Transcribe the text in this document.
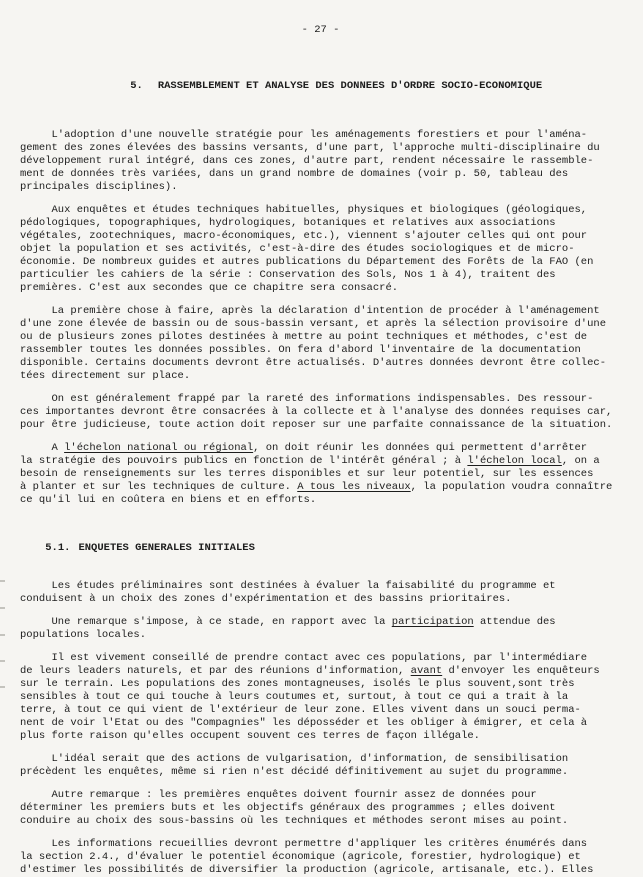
- 27 -

5. RASSEMBLEMENT ET ANALYSE DES DONNEES D'ORDRE SOCIO-ECONOMIQUE

L'adoption d'une nouvelle stratégie pour les aménagements forestiers et pour l'aména-
gement des zones élevées des bassins versants, d'une part, l'approche multi-disciplinaire du
développement rural intégré, dans ces zones, d'autre part, rendent nécessaire le rassemble-
ment de données très variées, dans un grand nombre de domaines (voir p. 50, tableau des
principales disciplines).
Aux enquêtes et études techniques habituelles, physiques et biologiques (géologiques,
pédologiques, topographiques, hydrologiques, botaniques et relatives aux associations
végétales, zootechniques, macro-économiques, etc.), viennent s'ajouter celles qui ont pour
objet la population et ses activités, c'est-à-dire des études sociologiques et de micro-
économie. De nombreux guides et autres publications du Département des Forêts de la FAO (en
particulier les cahiers de la série : Conservation des Sols, Nos 1 à 4), traitent des
premières. C'est aux secondes que ce chapitre sera consacré.
La première chose à faire, après la déclaration d'intention de procéder à l'aménagement
d'une zone élevée de bassin ou de sous-bassin versant, et après la sélection provisoire d'une
ou de plusieurs zones pilotes destinées à mettre au point techniques et méthodes, c'est de
rassembler toutes les données possibles. On fera d'abord l'inventaire de la documentation
disponible. Certains documents devront être actualisés. D'autres données devront être collec-
tées directement sur place.
On est généralement frappé par la rareté des informations indispensables. Des ressour-
ces importantes devront être consacrées à la collecte et à l'analyse des données requises car,
pour être judicieuse, toute action doit reposer sur une parfaite connaissance de la situation.
A l'échelon national ou régional, on doit réunir les données qui permettent d'arrêter
la stratégie des pouvoirs publics en fonction de l'intérêt général ; à l'échelon local, on a
besoin de renseignements sur les terres disponibles et sur leur potentiel, sur les essences
à planter et sur les techniques de culture. A tous les niveaux, la population voudra connaître
ce qu'il lui en coûtera en biens et en efforts.

5.1. ENQUETES GENERALES INITIALES

Les études préliminaires sont destinées à évaluer la faisabilité du programme et
conduisent à un choix des zones d'expérimentation et des bassins prioritaires.
Une remarque s'impose, à ce stade, en rapport avec la participation attendue des
populations locales.
Il est vivement conseillé de prendre contact avec ces populations, par l'intermédiare
de leurs leaders naturels, et par des réunions d'information, avant d'envoyer les enquêteurs
sur le terrain. Les populations des zones montagneuses, isolés le plus souvent,sont très
sensibles à tout ce qui touche à leurs coutumes et, surtout, à tout ce qui a trait à la
terre, à tout ce qui vient de l'extérieur de leur zone. Elles vivent dans un souci perma-
nent de voir l'Etat ou des "Compagnies" les déposséder et les obliger à émigrer, et cela à
plus forte raison qu'elles occupent souvent ces terres de façon illégale.
L'idéal serait que des actions de vulgarisation, d'information, de sensibilisation
précèdent les enquêtes, même si rien n'est décidé définitivement au sujet du programme.
Autre remarque : les premières enquêtes doivent fournir assez de données pour
déterminer les premiers buts et les objectifs généraux des programmes ; elles doivent
conduire au choix des sous-bassins où les techniques et méthodes seront mises au point.
Les informations recueillies devront permettre d'appliquer les critères énumérés dans
la section 2.4., d'évaluer le potentiel économique (agricole, forestier, hydrologique) et
d'estimer les possibilités de diversifier la production (agricole, artisanale, etc.). Elles
